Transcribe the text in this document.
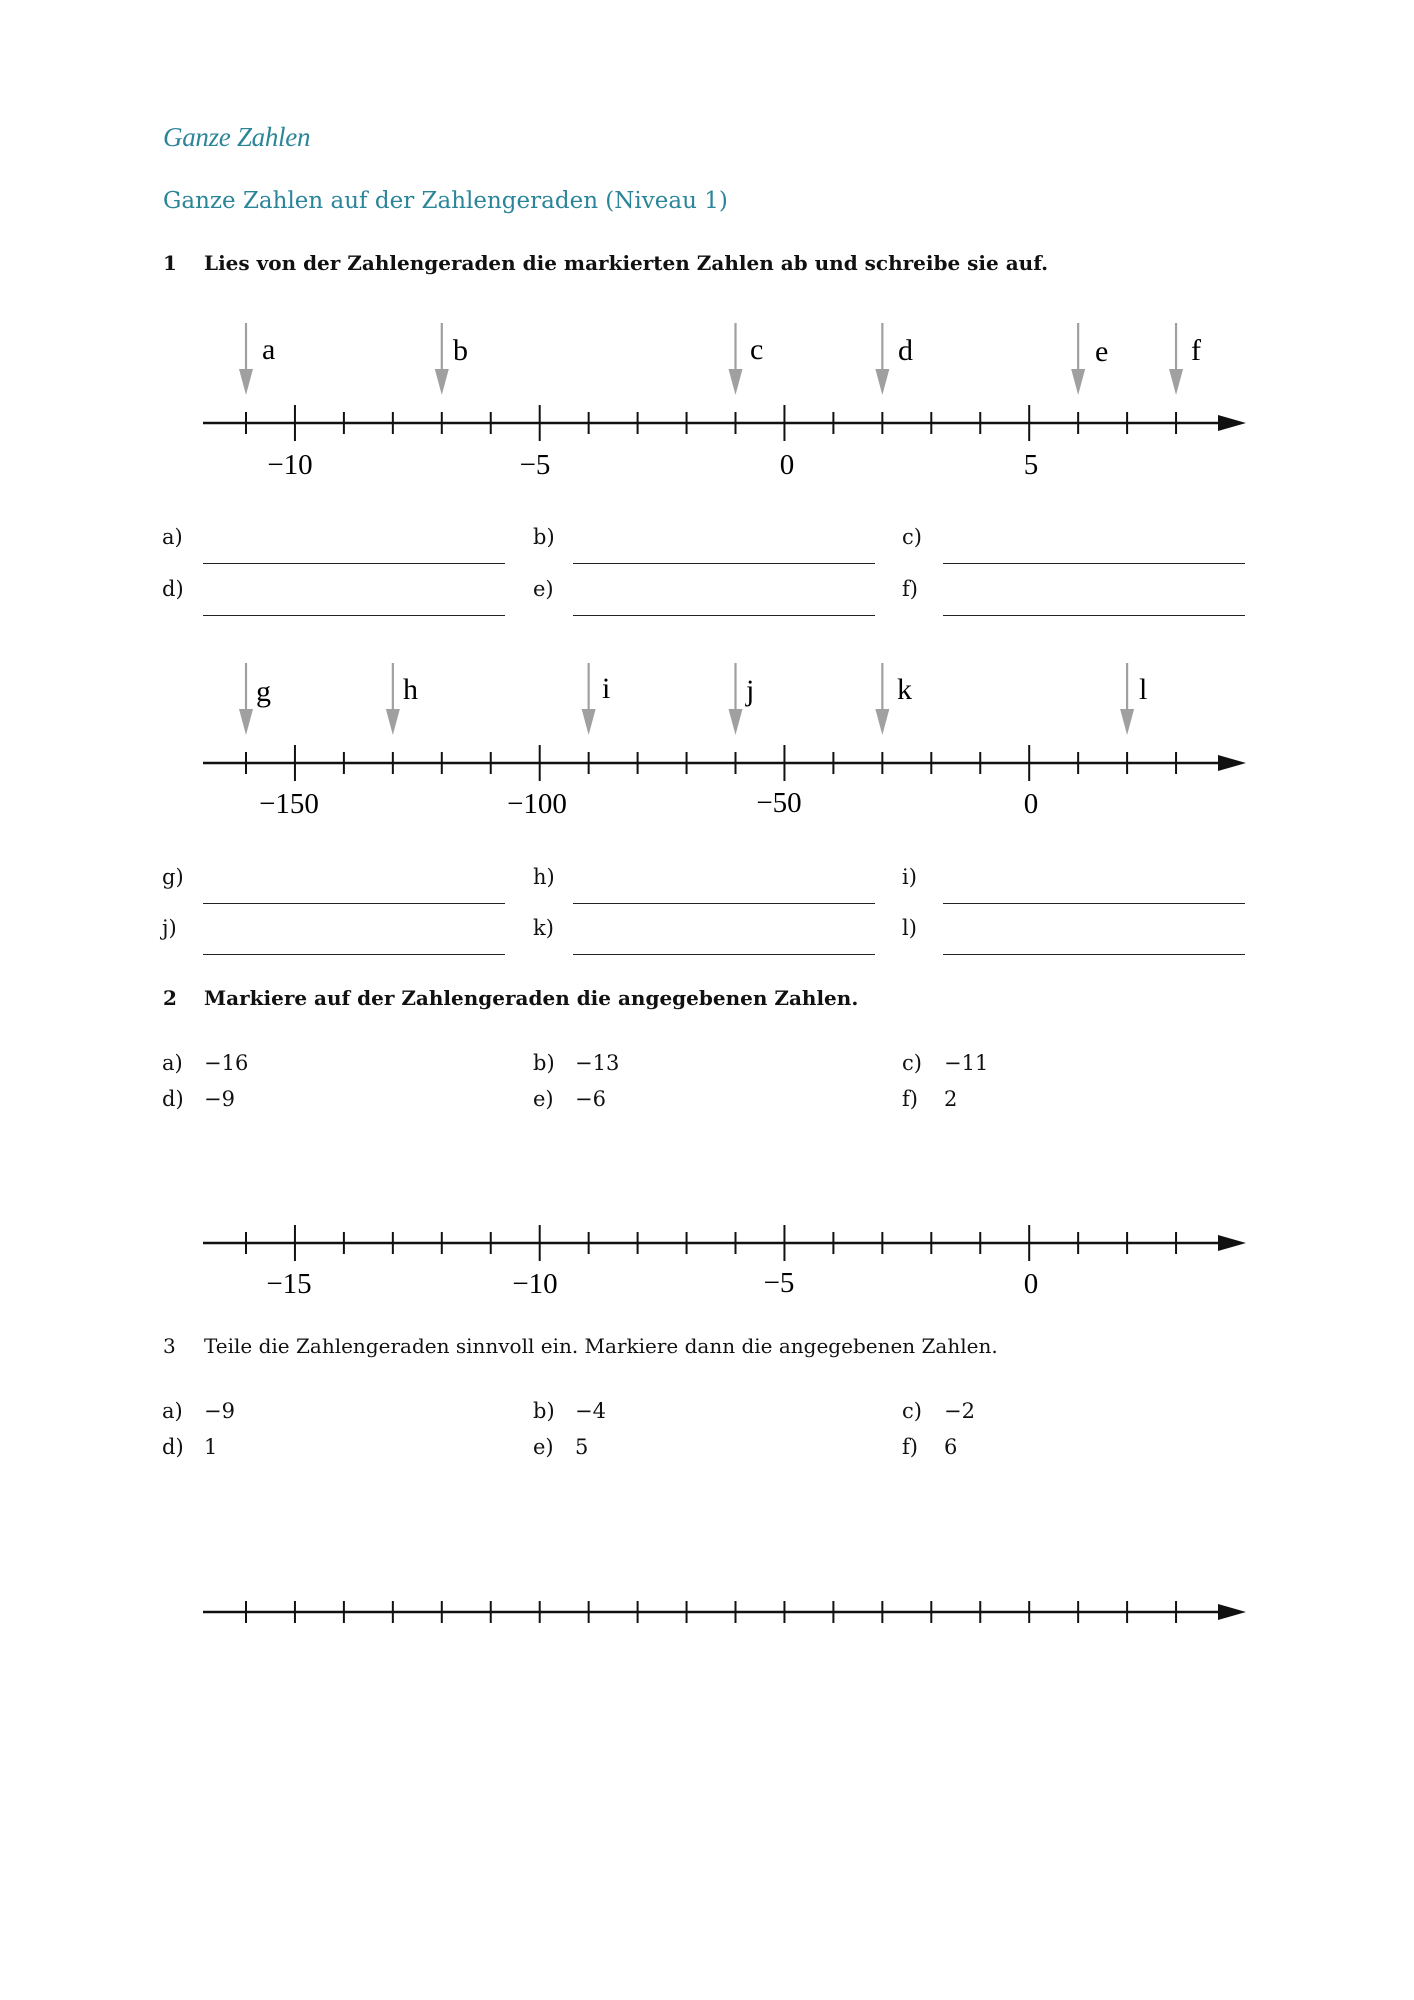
Ganze Zahlen
Ganze Zahlen auf der Zahlengeraden (Niveau 1)
1 Lies von der Zahlengeraden die markierten Zahlen ab und schreibe sie auf.
−10	−5	0	5
a	b	c	d	e	f
−150	−100	−50	0
g	h	i	j	k	l
−15	−10	−5	0
a)	b)	c)
d)	e)	f)
g)	h)	i)
j)	k)	l)
2 Markiere auf der Zahlengeraden die angegebenen Zahlen.
a) −16	b) −13	c) −11
d) −9	e) −6	f) 2
3 Teile die Zahlengeraden sinnvoll ein. Markiere dann die angegebenen Zahlen.
a) −9	b) −4	c) −2
d) 1	e) 5	f) 6
